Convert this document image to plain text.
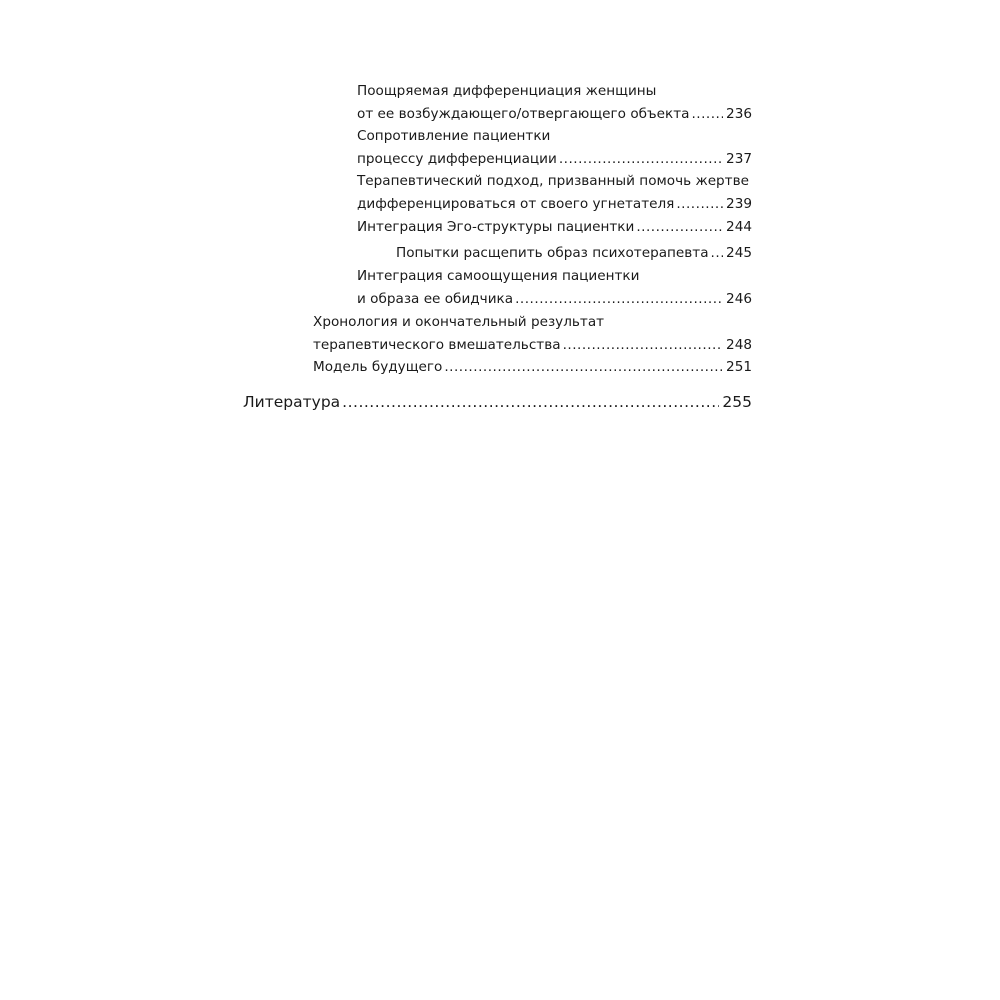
Поощряемая дифференциация женщины
от ее возбуждающего/отвергающего объекта .....	236
Сопротивление пациентки
процессу дифференциации .....	237
Терапевтический подход, призванный помочь жертве
дифференцироваться от своего угнетателя .....	239
Интеграция Эго-структуры пациентки .....	244
Попытки расщепить образ психотерапевта ..... 245
Интеграция самоощущения пациентки
и образа ее обидчика .....	246
Хронология и окончательный результат
терапевтического вмешательства .....	248
Модель будущего .....	251
Литература .....	255
